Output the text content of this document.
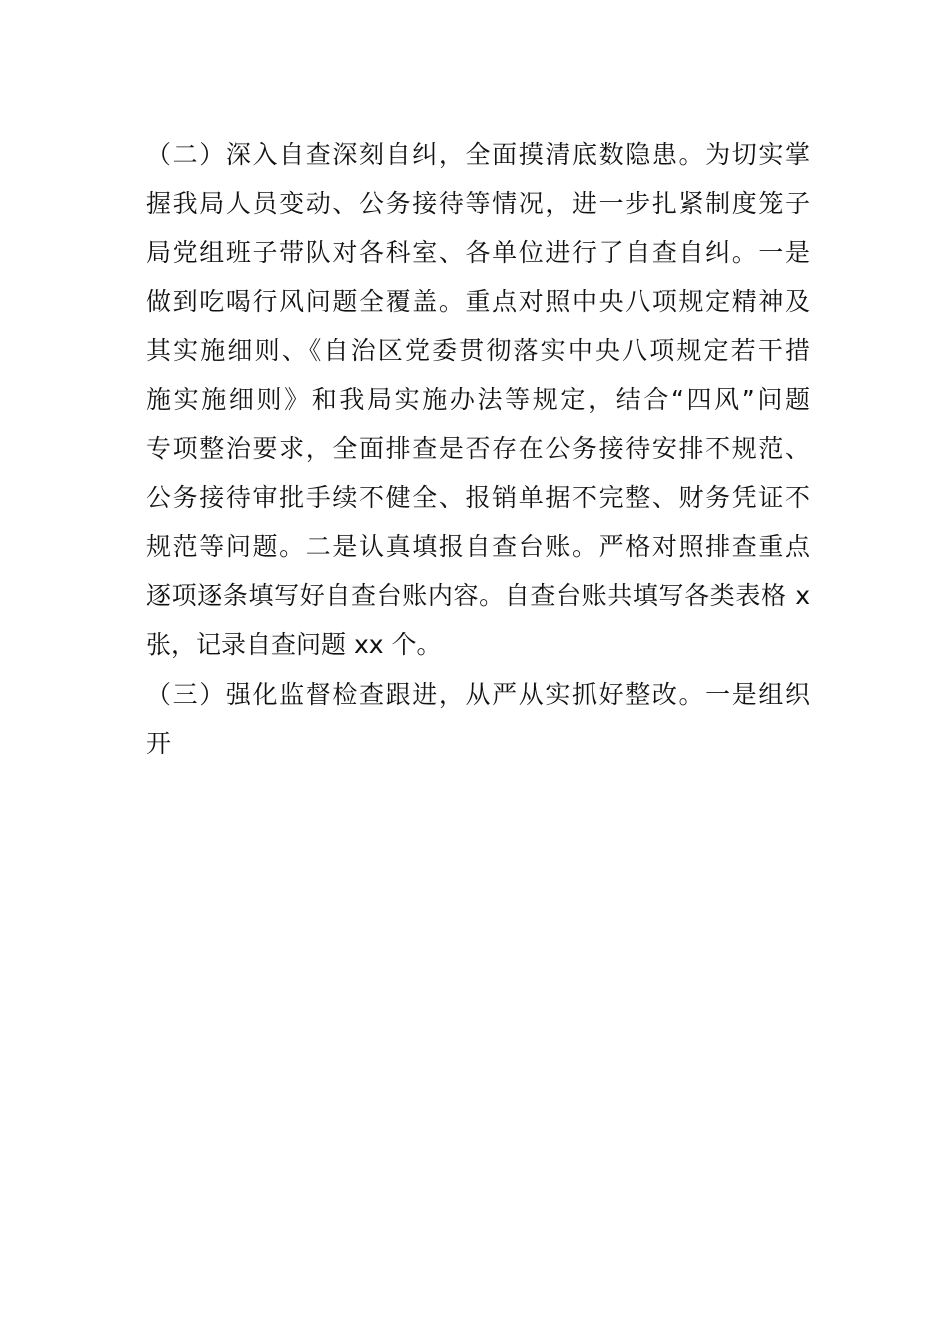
（二）深入自查深刻自纠，全面摸清底数隐患。为切实掌
握我局人员变动、公务接待等情况，进一步扎紧制度笼子
局党组班子带队对各科室、各单位进行了自查自纠。一是
做到吃喝行风问题全覆盖。重点对照中央八项规定精神及
其实施细则、《自治区党委贯彻落实中央八项规定若干措
施实施细则》和我局实施办法等规定，结合“四风”问题
专项整治要求，全面排查是否存在公务接待安排不规范、
公务接待审批手续不健全、报销单据不完整、财务凭证不
规范等问题。二是认真填报自查台账。严格对照排查重点
逐项逐条填写好自查台账内容。自查台账共填写各类表格 x
张，记录自查问题 xx 个。
（三）强化监督检查跟进，从严从实抓好整改。一是组织
开
